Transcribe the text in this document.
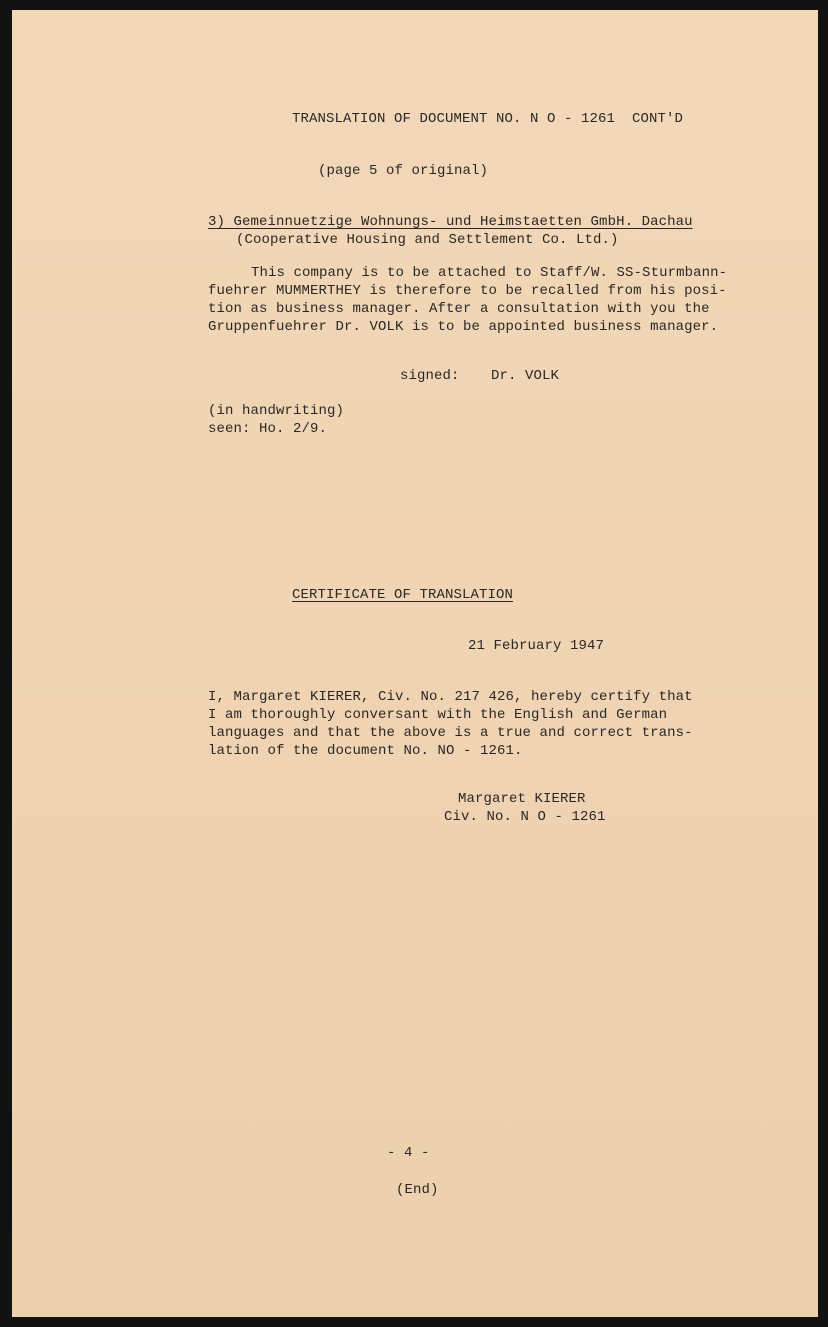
TRANSLATION OF DOCUMENT NO. N O - 1261  CONT'D
(page 5 of original)
3) Gemeinnuetzige Wohnungs- und Heimstaetten GmbH. Dachau
(Cooperative Housing and Settlement Co. Ltd.)
This company is to be attached to Staff/W. SS-Sturmbann-
fuehrer MUMMERTHEY is therefore to be recalled from his posi-
tion as business manager. After a consultation with you the
Gruppenfuehrer Dr. VOLK is to be appointed business manager.
signed: Dr. VOLK
(in handwriting)
seen: Ho. 2/9.
CERTIFICATE OF TRANSLATION
21 February 1947
I, Margaret KIERER, Civ. No. 217 426, hereby certify that
I am thoroughly conversant with the English and German
languages and that the above is a true and correct trans-
lation of the document No. NO - 1261.
Margaret KIERER
Civ. No. N O - 1261
- 4 -
(End)
